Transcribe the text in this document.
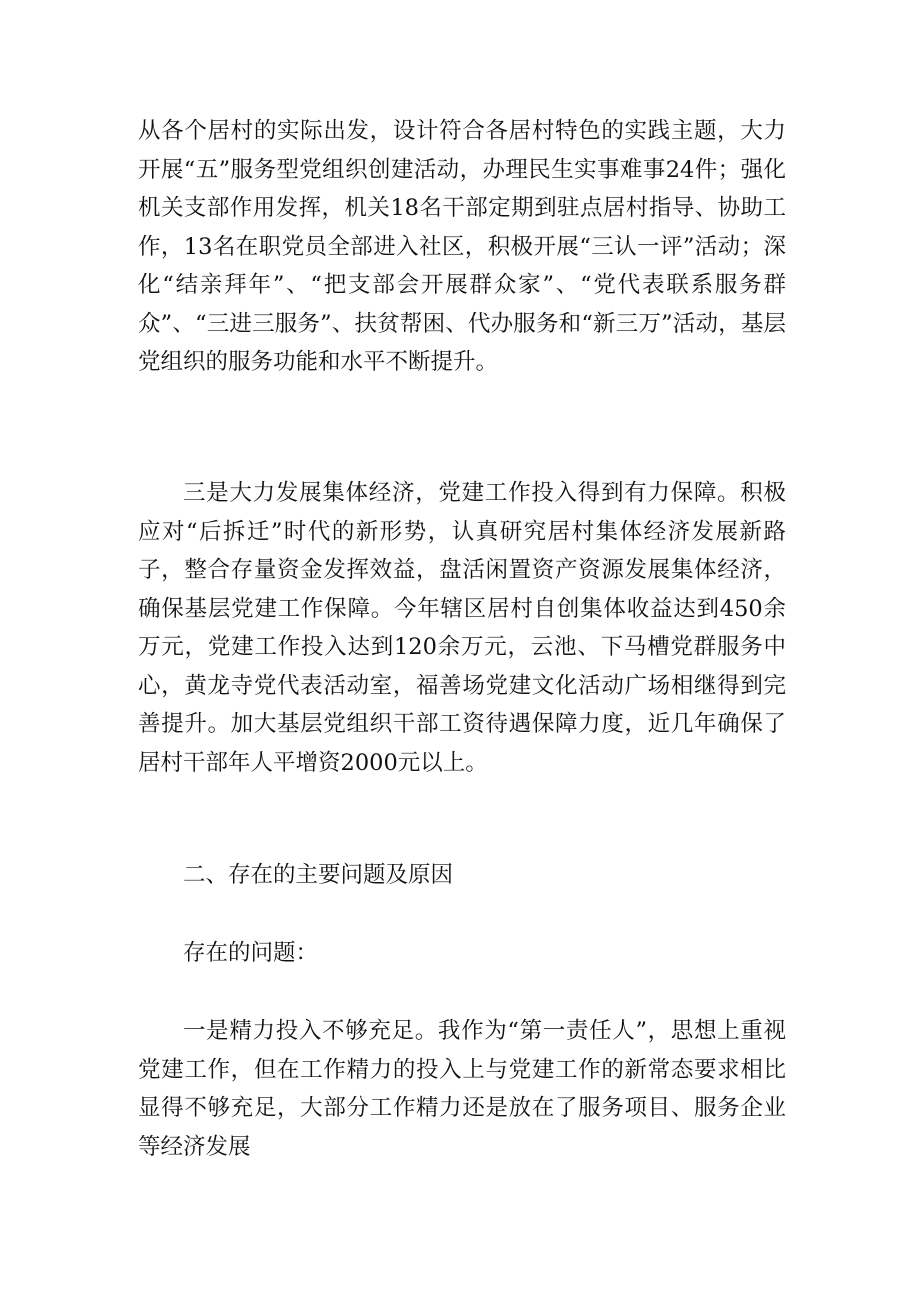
从各个居村的实际出发，设计符合各居村特色的实践主题，大力开展“五”服务型党组织创建活动，办理民生实事难事24件；强化机关支部作用发挥，机关18名干部定期到驻点居村指导、协助工作，13名在职党员全部进入社区，积极开展“三认一评”活动；深化“结亲拜年”、“把支部会开展群众家”、“党代表联系服务群众”、“三进三服务”、扶贫帮困、代办服务和“新三万”活动，基层党组织的服务功能和水平不断提升。

三是大力发展集体经济，党建工作投入得到有力保障。积极应对“后拆迁”时代的新形势，认真研究居村集体经济发展新路子，整合存量资金发挥效益，盘活闲置资产资源发展集体经济，确保基层党建工作保障。今年辖区居村自创集体收益达到450余万元，党建工作投入达到120余万元，云池、下马槽党群服务中心，黄龙寺党代表活动室，福善场党建文化活动广场相继得到完善提升。加大基层党组织干部工资待遇保障力度，近几年确保了居村干部年人平增资2000元以上。

二、存在的主要问题及原因

存在的问题：

一是精力投入不够充足。我作为“第一责任人”，思想上重视党建工作，但在工作精力的投入上与党建工作的新常态要求相比显得不够充足，大部分工作精力还是放在了服务项目、服务企业等经济发展
